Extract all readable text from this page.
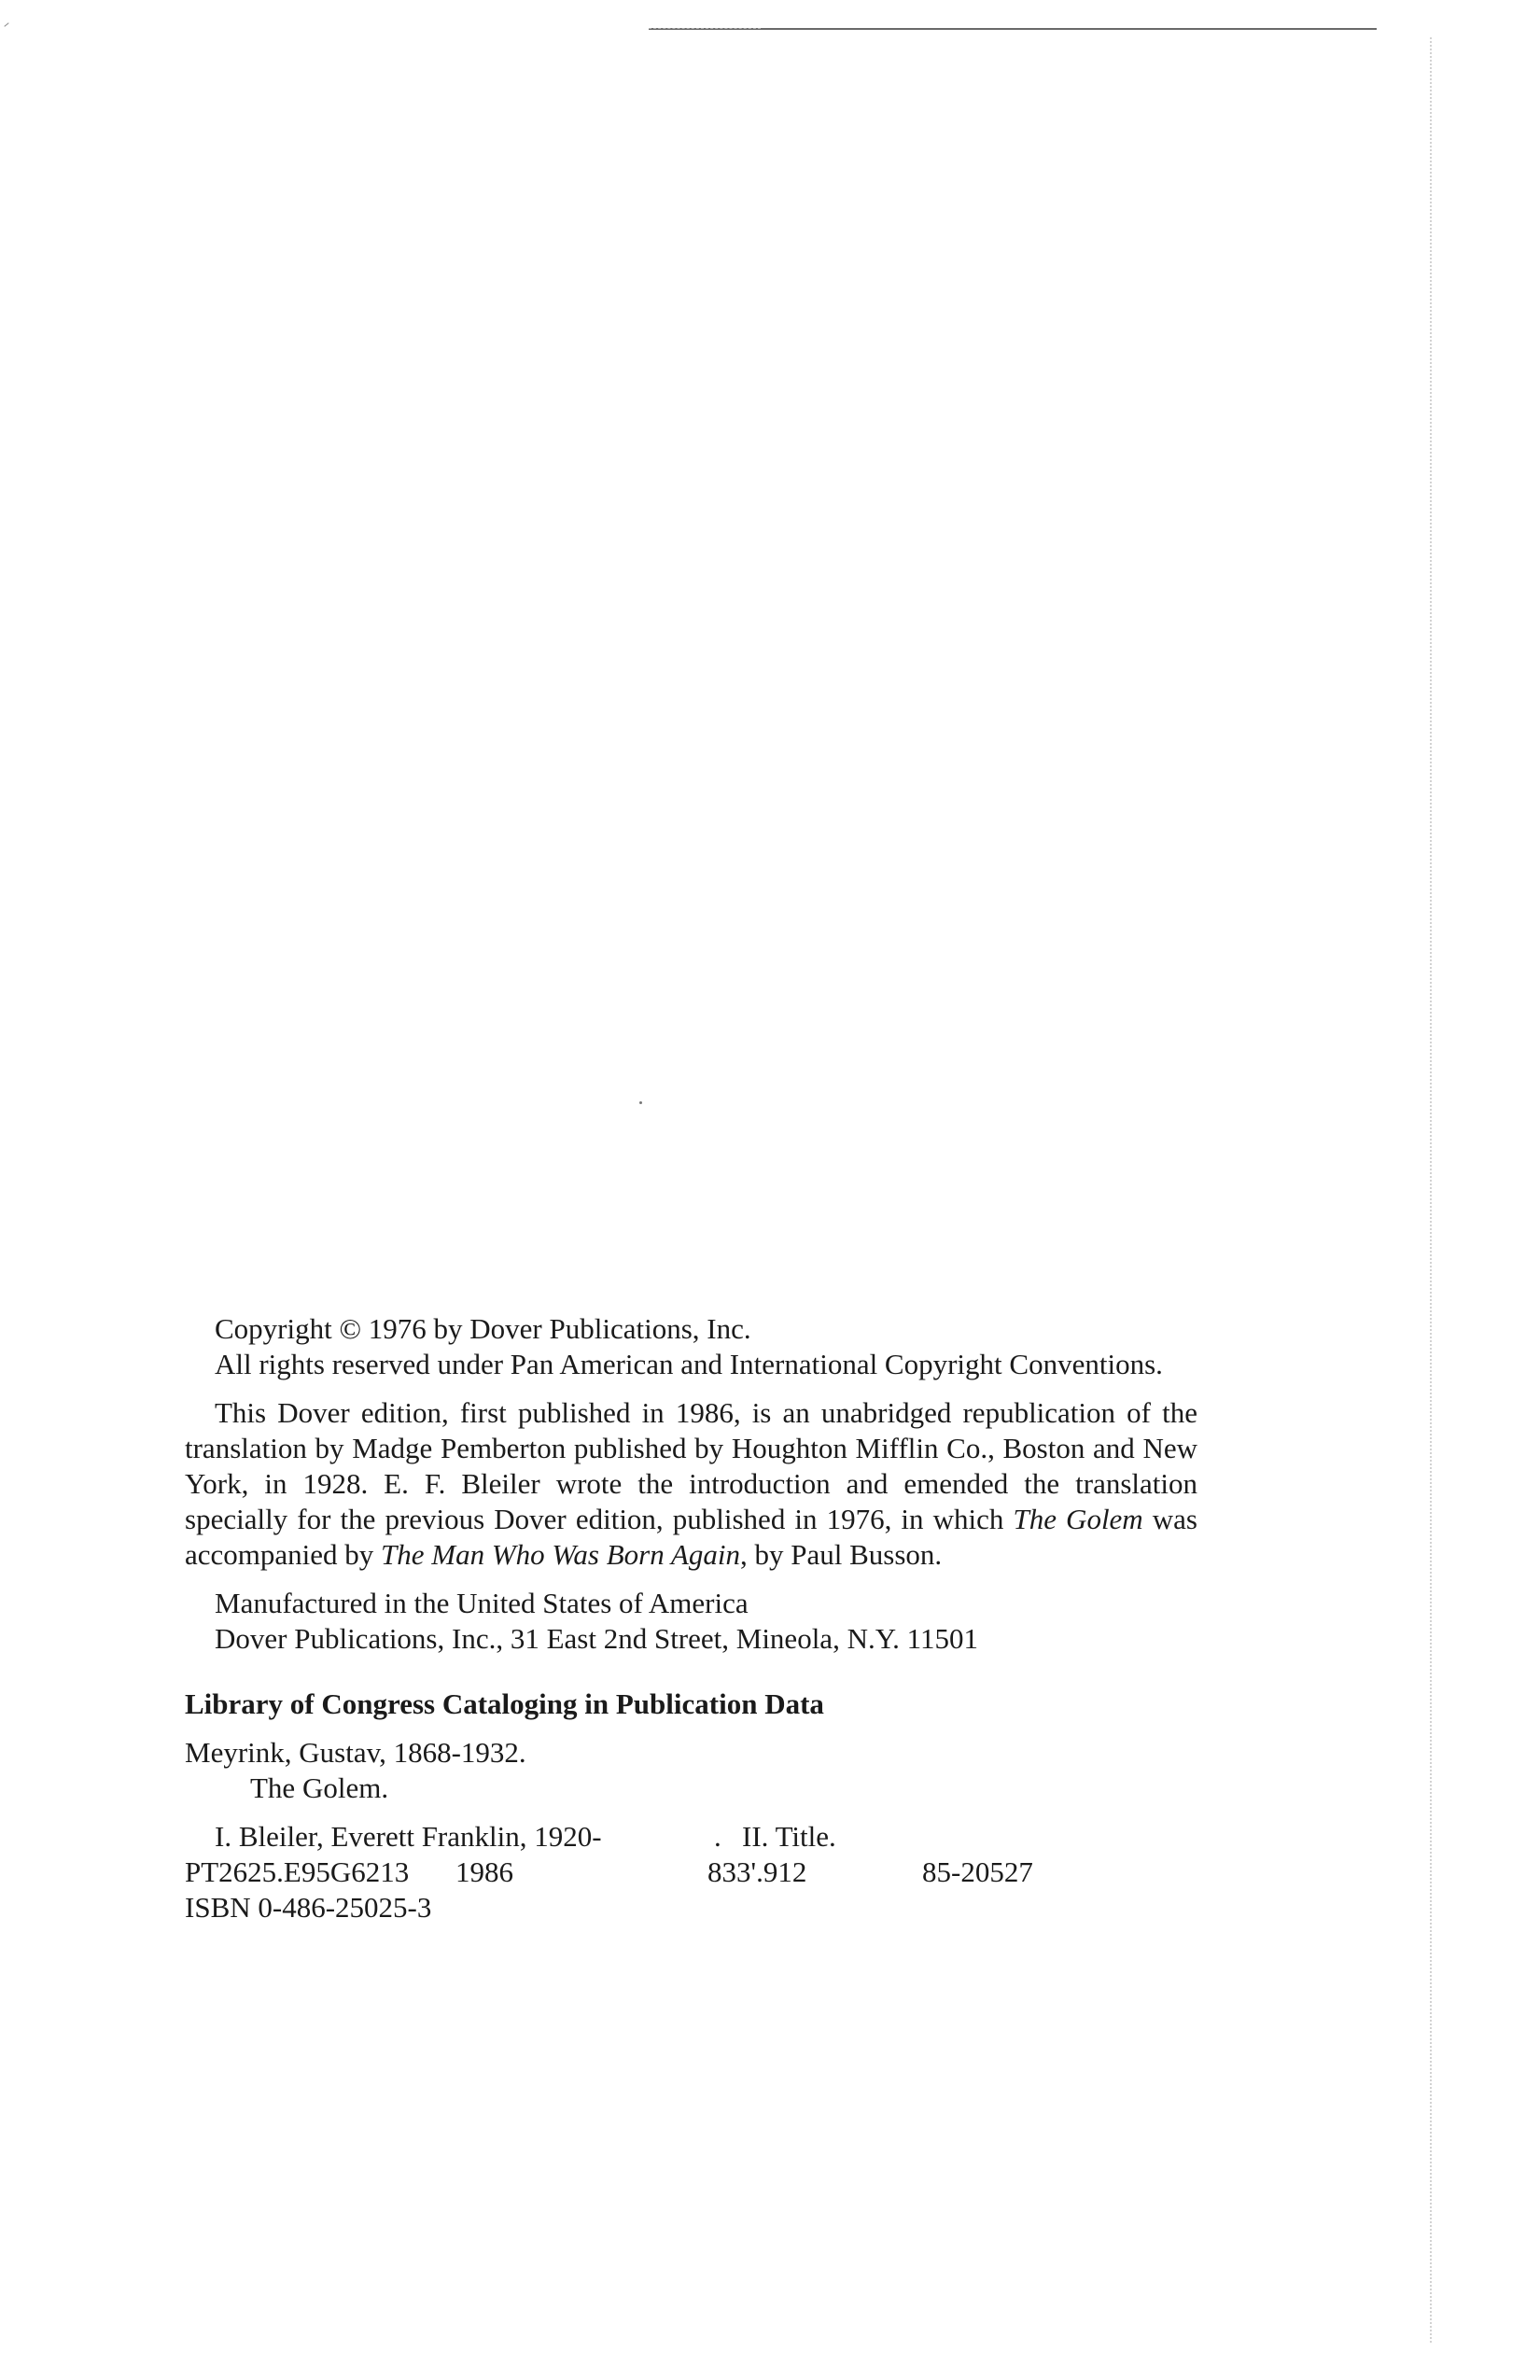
Copyright © 1976 by Dover Publications, Inc.

All rights reserved under Pan American and International Copyright Conventions.

This Dover edition, first published in 1986, is an unabridged republication of the translation by Madge Pemberton published by Houghton Mifflin Co., Boston and New York, in 1928. E. F. Bleiler wrote the introduction and emended the translation specially for the previous Dover edition, published in 1976, in which The Golem was accompanied by The Man Who Was Born Again, by Paul Busson.

Manufactured in the United States of America

Dover Publications, Inc., 31 East 2nd Street, Mineola, N.Y. 11501

Library of Congress Cataloging in Publication Data

Meyrink, Gustav, 1868-1932.

The Golem.

I. Bleiler, Everett Franklin, 1920-	. II. Title.
PT2625.E95G6213	1986	833'.912	85-20527

ISBN 0-486-25025-3
